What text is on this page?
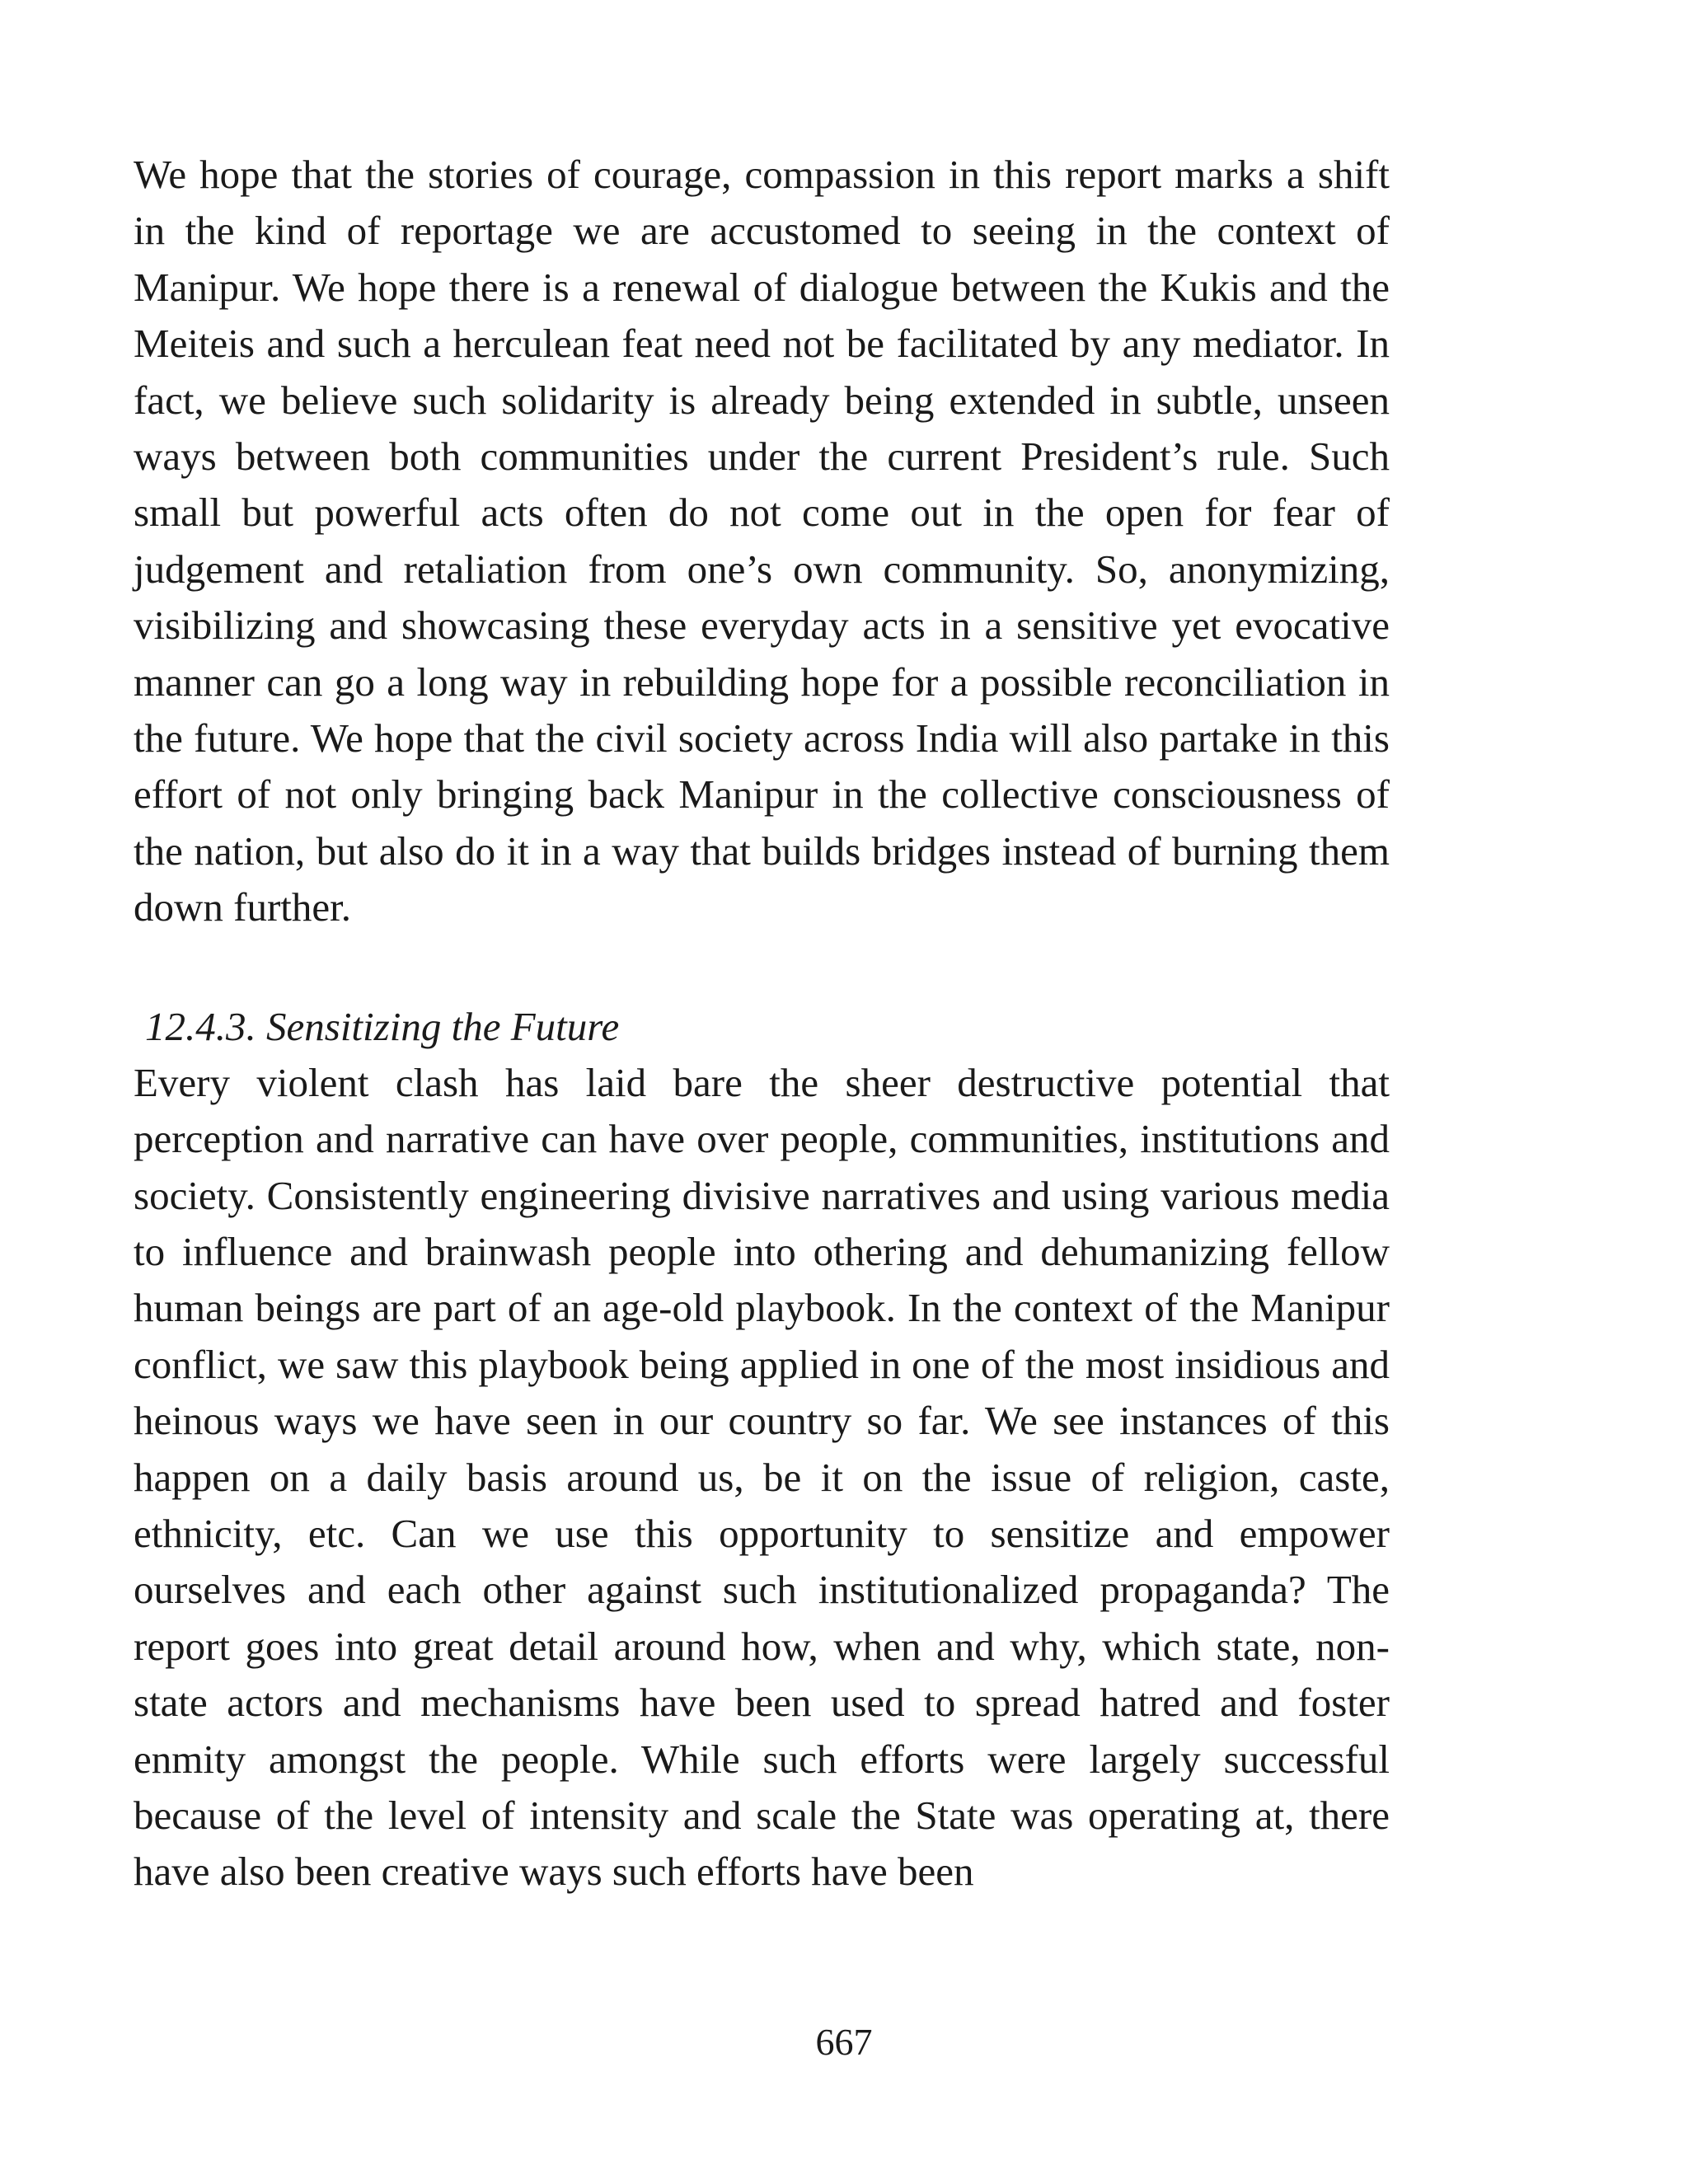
We hope that the stories of courage, compassion in this report marks a shift in the kind of reportage we are accustomed to seeing in the context of Manipur. We hope there is a renewal of dialogue between the Kukis and the Meiteis and such a herculean feat need not be facilitated by any mediator. In fact, we believe such solidarity is already being extended in subtle, unseen ways between both communities under the current President’s rule. Such small but powerful acts often do not come out in the open for fear of judgement and retaliation from one’s own community. So, anonymizing, visibilizing and showcasing these everyday acts in a sensitive yet evocative manner can go a long way in rebuilding hope for a possible reconciliation in the future. We hope that the civil society across India will also partake in this effort of not only bringing back Manipur in the collective consciousness of the nation, but also do it in a way that builds bridges instead of burning them down further.

12.4.3. Sensitizing the Future

Every violent clash has laid bare the sheer destructive potential that perception and narrative can have over people, communities, institutions and society. Consistently engineering divisive narratives and using various media to influence and brainwash people into othering and dehumanizing fellow human beings are part of an age-old playbook. In the context of the Manipur conflict, we saw this playbook being applied in one of the most insidious and heinous ways we have seen in our country so far. We see instances of this happen on a daily basis around us, be it on the issue of religion, caste, ethnicity, etc. Can we use this opportunity to sensitize and empower ourselves and each other against such institutionalized propaganda? The report goes into great detail around how, when and why, which state, non-state actors and mechanisms have been used to spread hatred and foster enmity amongst the people. While such efforts were largely successful because of the level of intensity and scale the State was operating at, there have also been creative ways such efforts have been

667
